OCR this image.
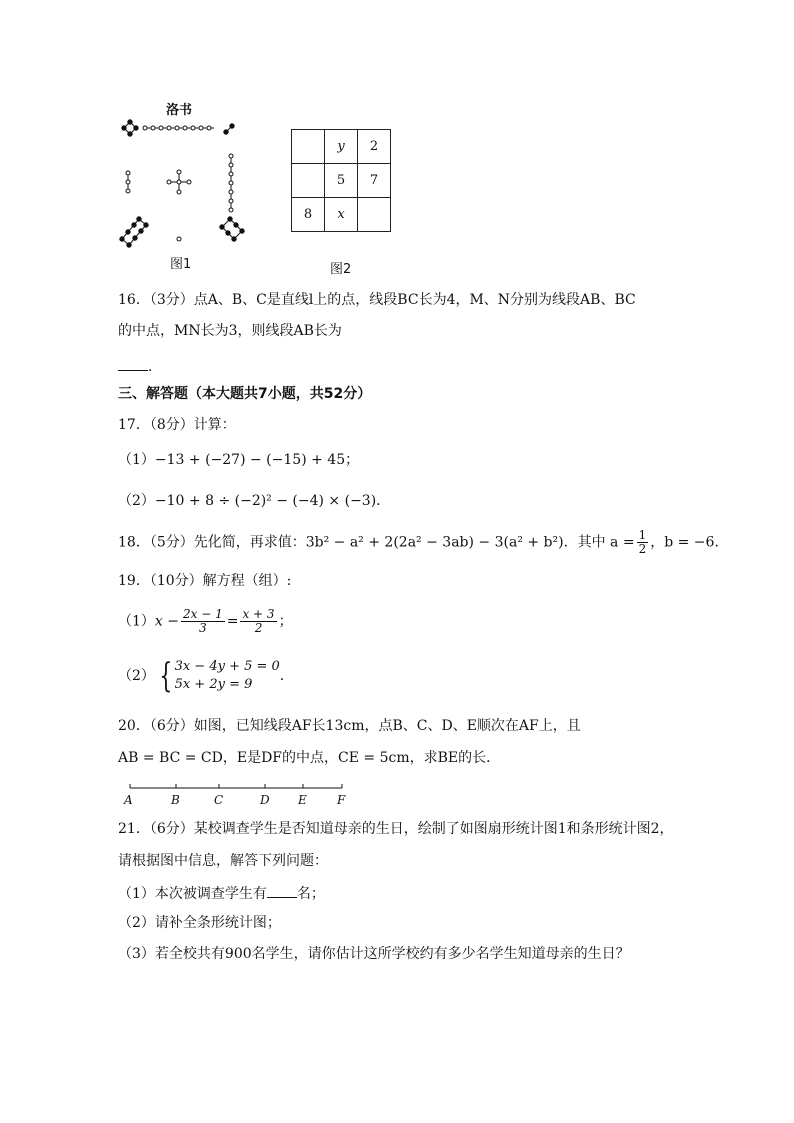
洛书
图1
	y	2
	5	7
8	x	
图2
16．（3分）点A、B、C是直线l上的点，线段BC长为4，M、N分别为线段AB、BC
的中点，MN长为3，则线段AB长为
．
三、解答题（本大题共7小题，共52分）
17．（8分）计算：
（1）−13 + (−27) − (−15) + 45；
（2）−10 + 8 ÷ (−2)² − (−4) × (−3)．
18．（5分）先化简，再求值：3b² − a² + 2(2a² − 3ab) − 3(a² + b²)．其中 $a = \frac{1}{2}$ ，b = −6．
19．（10分）解方程（组）:
$(1)x - \frac{2x - 1}{3} = \frac{x + 3}{2}$ ；
（2） { 3x − 4y + 5 = 0
5x + 2y = 9
．
20．（6分）如图，已知线段AF长13cm，点B、C、D、E顺次在AF上，且
AB = BC = CD，E是DF的中点，CE = 5cm，求BE的长．
A	B	C	D E	F
21．（6分）某校调查学生是否知道母亲的生日，绘制了如图扇形统计图1和条形统计图2，
请根据图中信息，解答下列问题：
（1）本次被调查学生有 名；
（2）请补全条形统计图；
（3）若全校共有900名学生，请你估计这所学校约有多少名学生知道母亲的生日？
